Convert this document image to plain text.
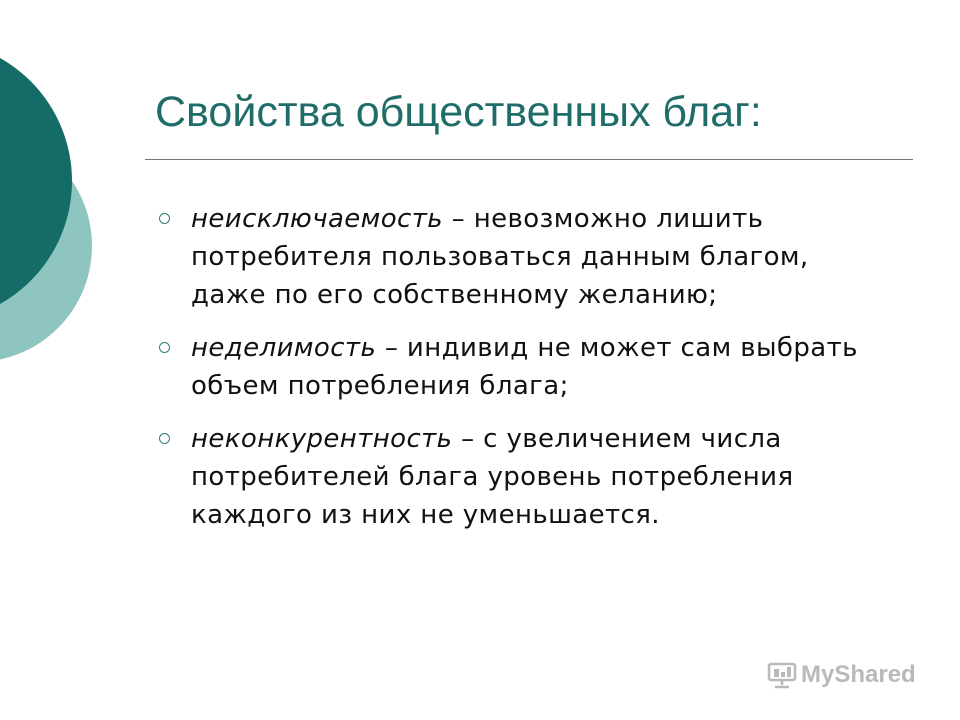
Свойства общественных благ:
неисключаемость – невозможно лишить потребителя пользоваться данным благом, даже по его собственному желанию;
неделимость – индивид не может сам выбрать объем потребления блага;
неконкурентность – с увеличением числа потребителей блага уровень потребления каждого из них не уменьшается.
MyShared
